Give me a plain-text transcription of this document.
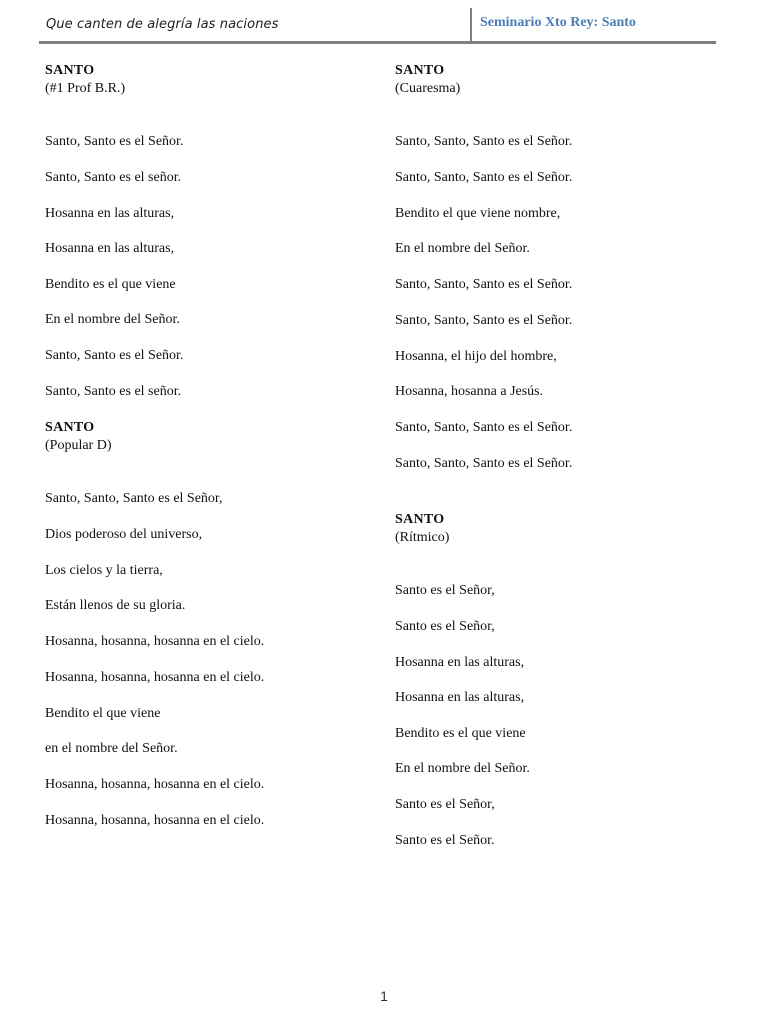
Que canten de alegría las naciones	Seminario Xto Rey: Santo
SANTO
(#1 Prof B.R.)
Santo, Santo es el Señor.
Santo, Santo es el señor.
Hosanna en las alturas,
Hosanna en las alturas,
Bendito es el que viene
En el nombre del Señor.
Santo, Santo es el Señor.
Santo, Santo es el señor.
SANTO
(Popular D)
Santo, Santo, Santo es el Señor,
Dios poderoso del universo,
Los cielos y la tierra,
Están llenos de su gloria.
Hosanna, hosanna, hosanna en el cielo.
Hosanna, hosanna, hosanna en el cielo.
Bendito el que viene
en el nombre del Señor.
Hosanna, hosanna, hosanna en el cielo.
Hosanna, hosanna, hosanna en el cielo.
SANTO
(Cuaresma)
Santo, Santo, Santo es el Señor.
Santo, Santo, Santo es el Señor.
Bendito el que viene nombre,
En el nombre del Señor.
Santo, Santo, Santo es el Señor.
Santo, Santo, Santo es el Señor.
Hosanna, el hijo del hombre,
Hosanna, hosanna a Jesús.
Santo, Santo, Santo es el Señor.
Santo, Santo, Santo es el Señor.
SANTO
(Rítmico)
Santo es el Señor,
Santo es el Señor,
Hosanna en las alturas,
Hosanna en las alturas,
Bendito es el que viene
En el nombre del Señor.
Santo es el Señor,
Santo es el Señor.
1
